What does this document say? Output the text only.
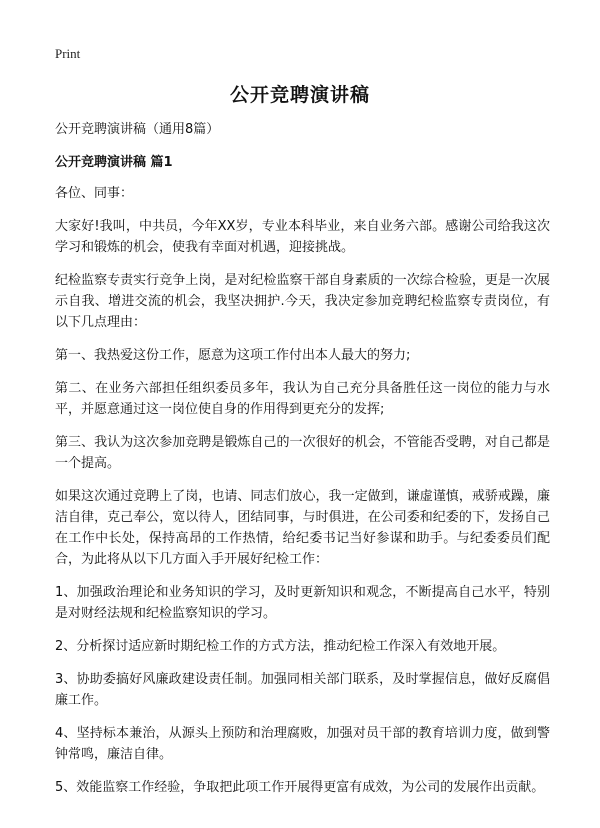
Print
公开竞聘演讲稿

公开竞聘演讲稿（通用8篇）

公开竞聘演讲稿 篇1

各位、同事：

大家好!我叫，中共员，今年XX岁，专业本科毕业，来自业务六部。感谢公司给我这次学习和锻炼的机会，使我有幸面对机遇，迎接挑战。

纪检监察专责实行竞争上岗，是对纪检监察干部自身素质的一次综合检验，更是一次展示自我、增进交流的机会，我坚决拥护.今天，我决定参加竞聘纪检监察专责岗位，有以下几点理由：

第一、我热爱这份工作，愿意为这项工作付出本人最大的努力;

第二、在业务六部担任组织委员多年，我认为自己充分具备胜任这一岗位的能力与水平，并愿意通过这一岗位使自身的作用得到更充分的发挥;

第三、我认为这次参加竞聘是锻炼自己的一次很好的机会，不管能否受聘，对自己都是一个提高。

如果这次通过竞聘上了岗，也请、同志们放心，我一定做到，谦虚谨慎，戒骄戒躁，廉洁自律，克己奉公，宽以待人，团结同事，与时俱进，在公司委和纪委的下，发扬自己在工作中长处，保持高昂的工作热情，给纪委书记当好参谋和助手。与纪委委员们配合，为此将从以下几方面入手开展好纪检工作：

1、加强政治理论和业务知识的学习，及时更新知识和观念，不断提高自己水平，特别是对财经法规和纪检监察知识的学习。

2、分析探讨适应新时期纪检工作的方式方法，推动纪检工作深入有效地开展。

3、协助委搞好风廉政建设责任制。加强同相关部门联系，及时掌握信息，做好反腐倡廉工作。

4、坚持标本兼治，从源头上预防和治理腐败，加强对员干部的教育培训力度，做到警钟常鸣，廉洁自律。

5、效能监察工作经验，争取把此项工作开展得更富有成效，为公司的发展作出贡献。
